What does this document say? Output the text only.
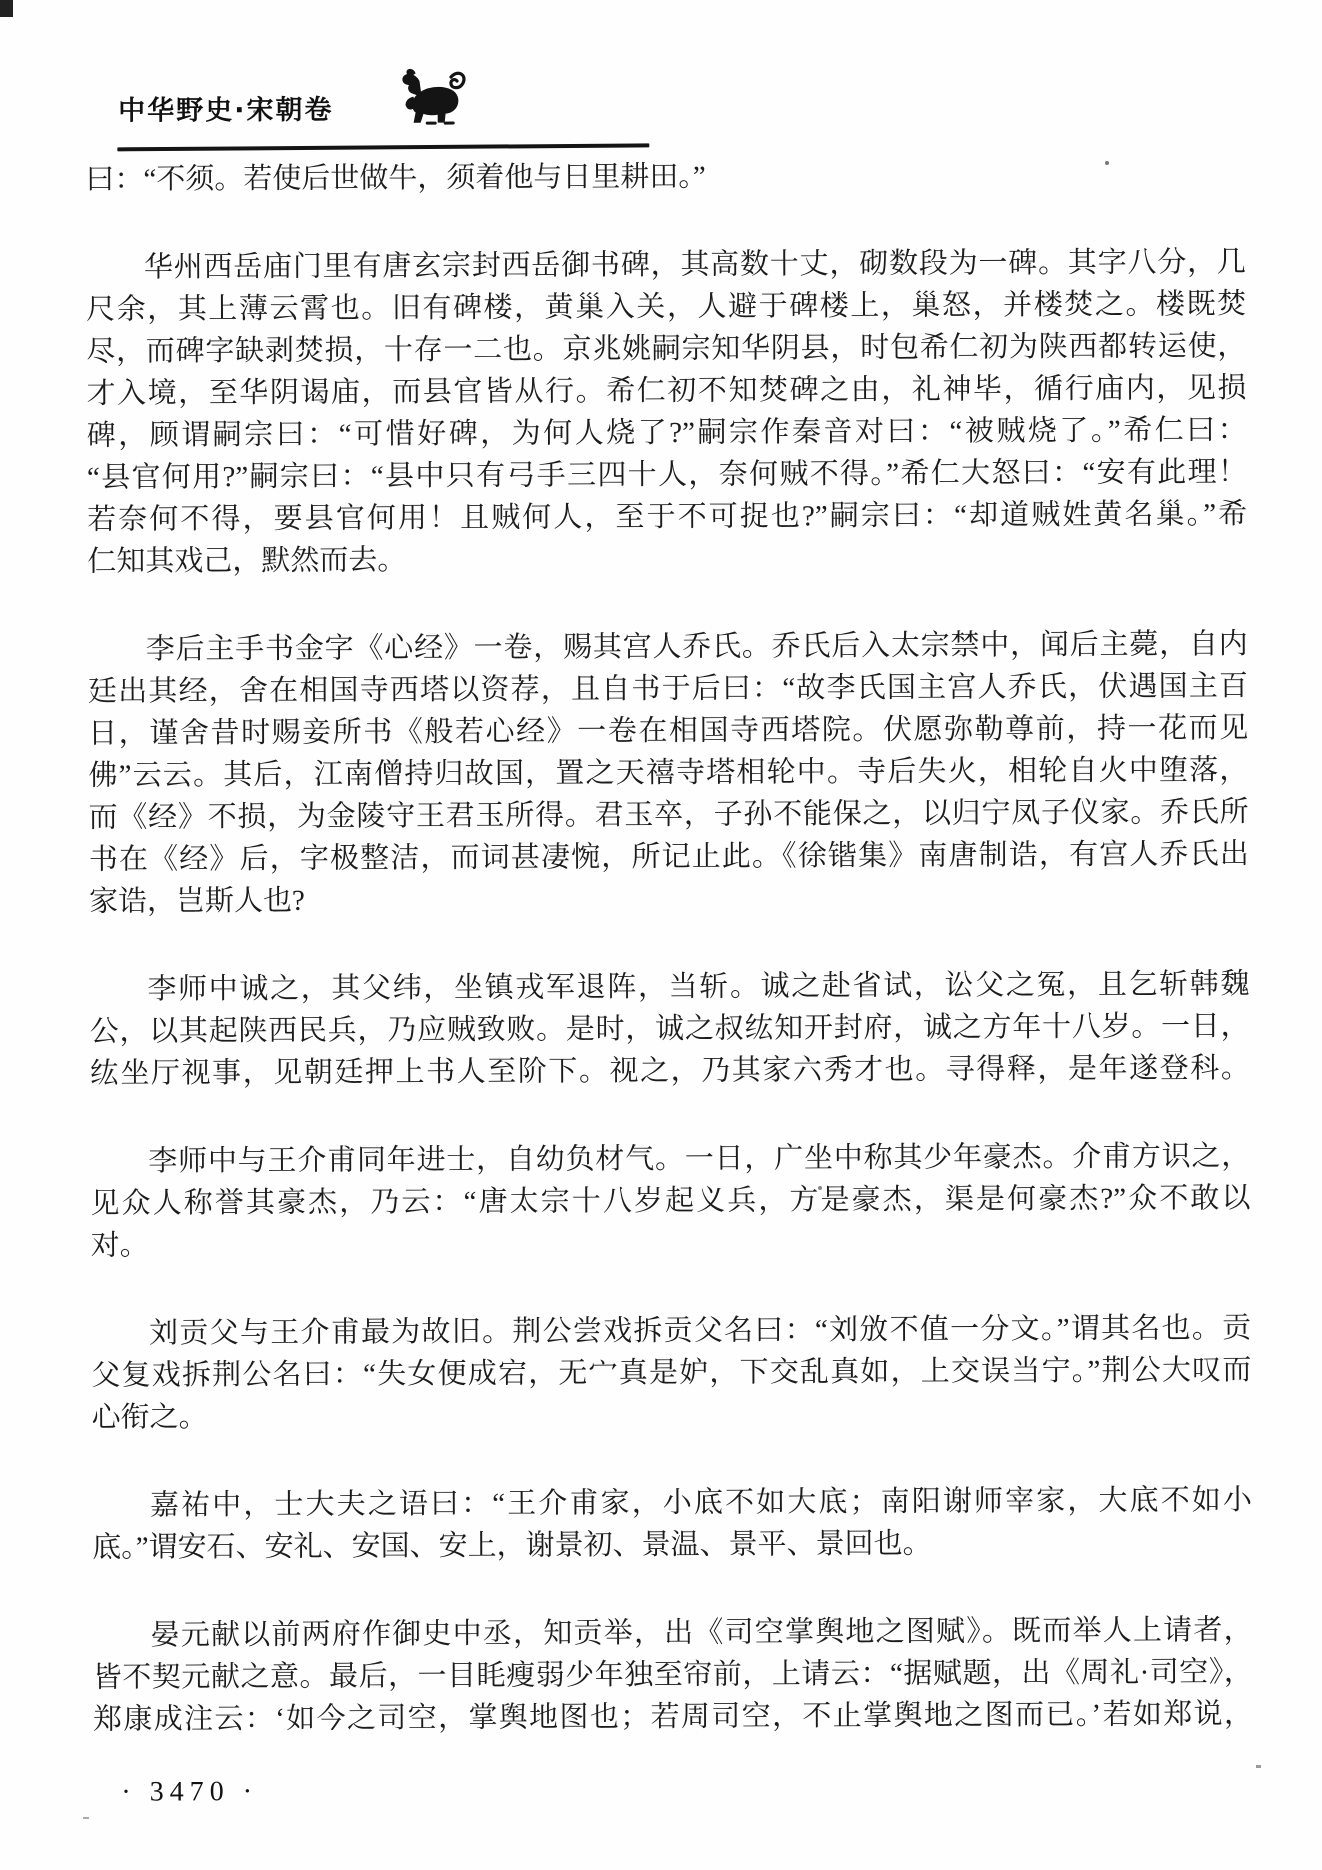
中华野史·宋朝卷
曰：“不须。若使后世做牛，须着他与日里耕田。”
华州西岳庙门里有唐玄宗封西岳御书碑，其高数十丈，砌数段为一碑。其字八分，几
尺余，其上薄云霄也。旧有碑楼，黄巢入关，人避于碑楼上，巢怒，并楼焚之。楼既焚
尽，而碑字缺剥焚损，十存一二也。京兆姚嗣宗知华阴县，时包希仁初为陕西都转运使，
才入境，至华阴谒庙，而县官皆从行。希仁初不知焚碑之由，礼神毕，循行庙内，见损
碑，顾谓嗣宗曰：“可惜好碑，为何人烧了?”嗣宗作秦音对曰：“被贼烧了。”希仁曰：
“县官何用?”嗣宗曰：“县中只有弓手三四十人，奈何贼不得。”希仁大怒曰：“安有此理！
若奈何不得，要县官何用！且贼何人，至于不可捉也?”嗣宗曰：“却道贼姓黄名巢。”希
仁知其戏己，默然而去。
李后主手书金字《心经》一卷，赐其宫人乔氏。乔氏后入太宗禁中，闻后主薨，自内
廷出其经，舍在相国寺西塔以资荐，且自书于后曰：“故李氏国主宫人乔氏，伏遇国主百
日，谨舍昔时赐妾所书《般若心经》一卷在相国寺西塔院。伏愿弥勒尊前，持一花而见
佛”云云。其后，江南僧持归故国，置之天禧寺塔相轮中。寺后失火，相轮自火中堕落，
而《经》不损，为金陵守王君玉所得。君玉卒，子孙不能保之，以归宁凤子仪家。乔氏所
书在《经》后，字极整洁，而词甚凄惋，所记止此。《徐锴集》南唐制诰，有宫人乔氏出
家诰，岂斯人也?
李师中诚之，其父纬，坐镇戎军退阵，当斩。诚之赴省试，讼父之冤，且乞斩韩魏
公，以其起陕西民兵，乃应贼致败。是时，诚之叔纮知开封府，诚之方年十八岁。一日，
纮坐厅视事，见朝廷押上书人至阶下。视之，乃其家六秀才也。寻得释，是年遂登科。
李师中与王介甫同年进士，自幼负材气。一日，广坐中称其少年豪杰。介甫方识之，
见众人称誉其豪杰，乃云：“唐太宗十八岁起义兵，方是豪杰，渠是何豪杰?”众不敢以
对。
刘贡父与王介甫最为故旧。荆公尝戏拆贡父名曰：“刘攽不值一分文。”谓其名也。贡
父复戏拆荆公名曰：“失女便成宕，无宀真是妒，下交乱真如，上交误当宁。”荆公大叹而
心衔之。
嘉祐中，士大夫之语曰：“王介甫家，小底不如大底；南阳谢师宰家，大底不如小
底。”谓安石、安礼、安国、安上，谢景初、景温、景平、景回也。
晏元献以前两府作御史中丞，知贡举，出《司空掌舆地之图赋》。既而举人上请者，
皆不契元献之意。最后，一目眊瘦弱少年独至帘前，上请云：“据赋题，出《周礼·司空》，
郑康成注云：‘如今之司空，掌舆地图也；若周司空，不止掌舆地之图而已。’若如郑说，
· 3470 ·
